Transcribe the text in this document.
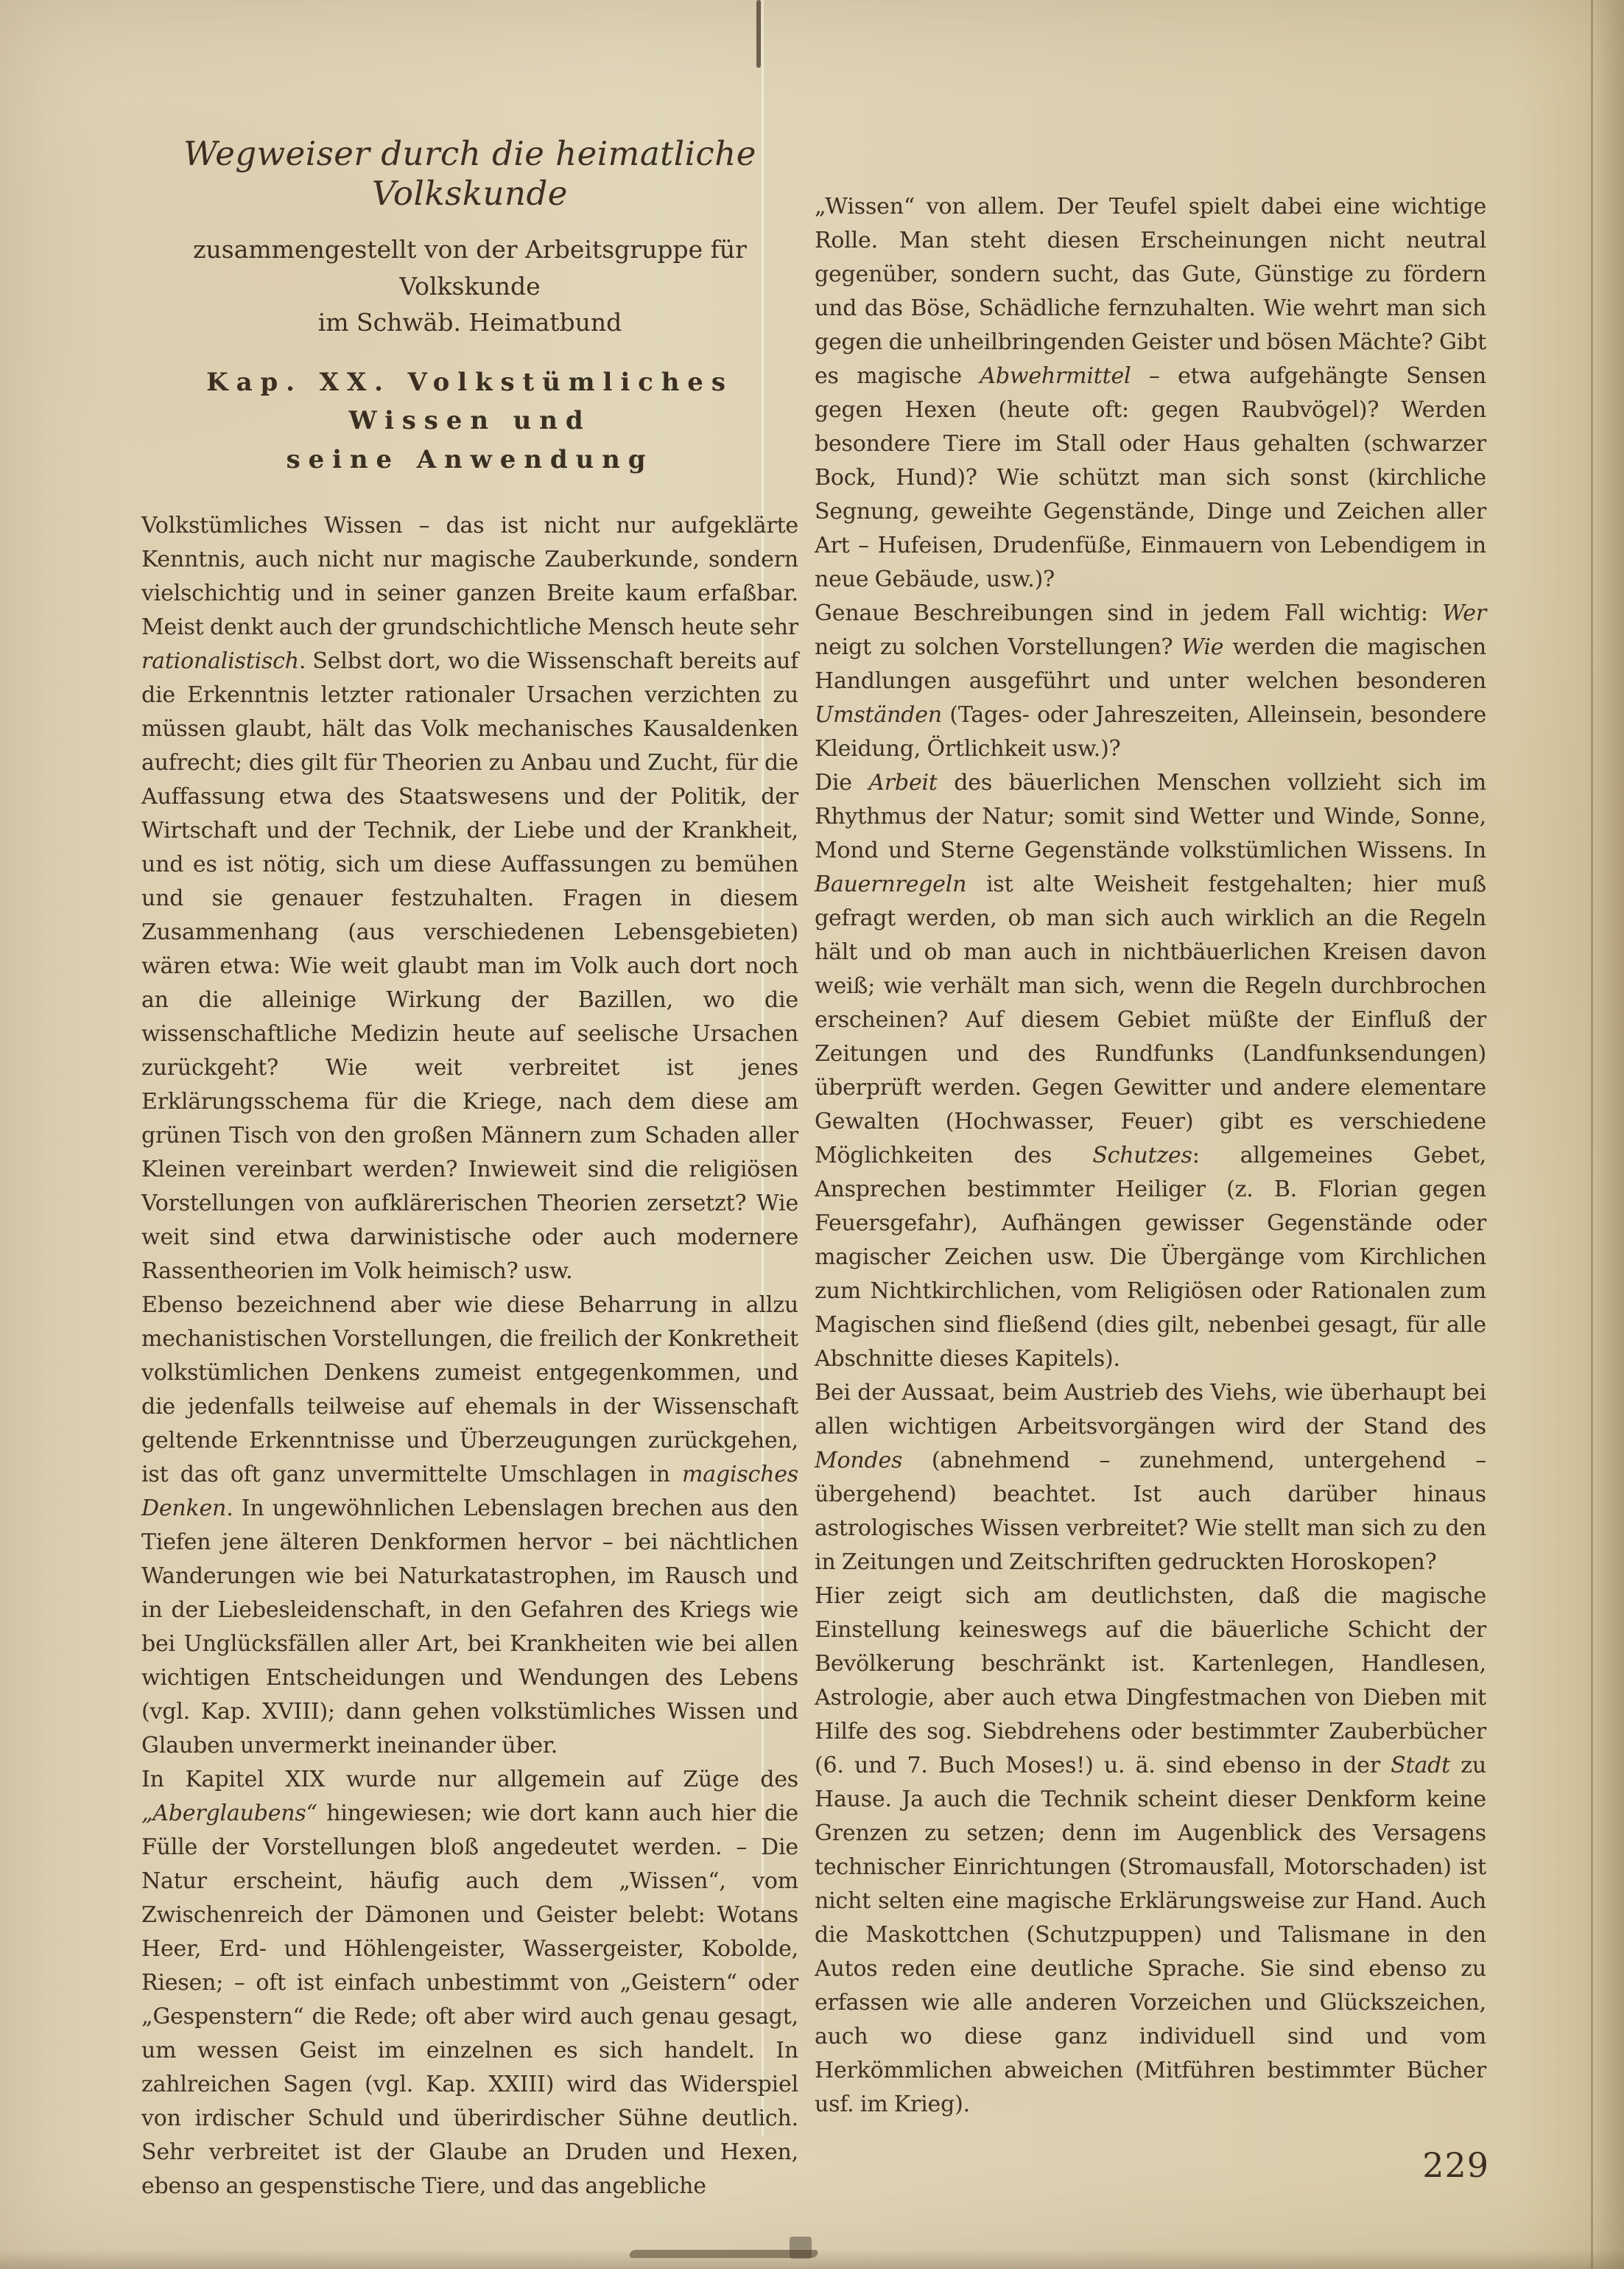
Wegweiser durch die heimatliche Volkskunde

zusammengestellt von der Arbeitsgruppe für Volkskunde
im Schwäb. Heimatbund

Kap. XX. Volkstümliches Wissen und
seine Anwendung

Volkstümliches Wissen – das ist nicht nur aufgeklärte Kenntnis, auch nicht nur magische Zauberkunde, sondern vielschichtig und in seiner ganzen Breite kaum erfaßbar. Meist denkt auch der grundschichtliche Mensch heute sehr rationalistisch. Selbst dort, wo die Wissenschaft bereits auf die Erkenntnis letzter rationaler Ursachen verzichten zu müssen glaubt, hält das Volk mechanisches Kausaldenken aufrecht; dies gilt für Theorien zu Anbau und Zucht, für die Auffassung etwa des Staatswesens und der Politik, der Wirtschaft und der Technik, der Liebe und der Krankheit, und es ist nötig, sich um diese Auffassungen zu bemühen und sie genauer festzuhalten. Fragen in diesem Zusammenhang (aus verschiedenen Lebensgebieten) wären etwa: Wie weit glaubt man im Volk auch dort noch an die alleinige Wirkung der Bazillen, wo die wissenschaftliche Medizin heute auf seelische Ursachen zurückgeht? Wie weit verbreitet ist jenes Erklärungsschema für die Kriege, nach dem diese am grünen Tisch von den großen Männern zum Schaden aller Kleinen vereinbart werden? Inwieweit sind die religiösen Vorstellungen von aufklärerischen Theorien zersetzt? Wie weit sind etwa darwinistische oder auch modernere Rassentheorien im Volk heimisch? usw.

Ebenso bezeichnend aber wie diese Beharrung in allzu mechanistischen Vorstellungen, die freilich der Konkretheit volkstümlichen Denkens zumeist entgegenkommen, und die jedenfalls teilweise auf ehemals in der Wissenschaft geltende Erkenntnisse und Überzeugungen zurückgehen, ist das oft ganz unvermittelte Umschlagen in magisches Denken. In ungewöhnlichen Lebenslagen brechen aus den Tiefen jene älteren Denkformen hervor – bei nächtlichen Wanderungen wie bei Naturkatastrophen, im Rausch und in der Liebesleidenschaft, in den Gefahren des Kriegs wie bei Unglücksfällen aller Art, bei Krankheiten wie bei allen wichtigen Entscheidungen und Wendungen des Lebens (vgl. Kap. XVIII); dann gehen volkstümliches Wissen und Glauben unvermerkt ineinander über.

In Kapitel XIX wurde nur allgemein auf Züge des „Aberglaubens“ hingewiesen; wie dort kann auch hier die Fülle der Vorstellungen bloß angedeutet werden. – Die Natur erscheint, häufig auch dem „Wissen“, vom Zwischenreich der Dämonen und Geister belebt: Wotans Heer, Erd- und Höhlengeister, Wassergeister, Kobolde, Riesen; – oft ist einfach unbestimmt von „Geistern“ oder „Gespenstern“ die Rede; oft aber wird auch genau gesagt, um wessen Geist im einzelnen es sich handelt. In zahlreichen Sagen (vgl. Kap. XXIII) wird das Widerspiel von irdischer Schuld und überirdischer Sühne deutlich. Sehr verbreitet ist der Glaube an Druden und Hexen, ebenso an gespenstische Tiere, und das angebliche

„Wissen“ von allem. Der Teufel spielt dabei eine wichtige Rolle. Man steht diesen Erscheinungen nicht neutral gegenüber, sondern sucht, das Gute, Günstige zu fördern und das Böse, Schädliche fernzuhalten. Wie wehrt man sich gegen die unheilbringenden Geister und bösen Mächte? Gibt es magische Abwehrmittel – etwa aufgehängte Sensen gegen Hexen (heute oft: gegen Raubvögel)? Werden besondere Tiere im Stall oder Haus gehalten (schwarzer Bock, Hund)? Wie schützt man sich sonst (kirchliche Segnung, geweihte Gegenstände, Dinge und Zeichen aller Art – Hufeisen, Drudenfüße, Einmauern von Lebendigem in neue Gebäude, usw.)?

Genaue Beschreibungen sind in jedem Fall wichtig: Wer neigt zu solchen Vorstellungen? Wie werden die magischen Handlungen ausgeführt und unter welchen besonderen Umständen (Tages- oder Jahreszeiten, Alleinsein, besondere Kleidung, Örtlichkeit usw.)?

Die Arbeit des bäuerlichen Menschen vollzieht sich im Rhythmus der Natur; somit sind Wetter und Winde, Sonne, Mond und Sterne Gegenstände volkstümlichen Wissens. In Bauernregeln ist alte Weisheit festgehalten; hier muß gefragt werden, ob man sich auch wirklich an die Regeln hält und ob man auch in nichtbäuerlichen Kreisen davon weiß; wie verhält man sich, wenn die Regeln durchbrochen erscheinen? Auf diesem Gebiet müßte der Einfluß der Zeitungen und des Rundfunks (Landfunksendungen) überprüft werden. Gegen Gewitter und andere elementare Gewalten (Hochwasser, Feuer) gibt es verschiedene Möglichkeiten des Schutzes: allgemeines Gebet, Ansprechen bestimmter Heiliger (z. B. Florian gegen Feuersgefahr), Aufhängen gewisser Gegenstände oder magischer Zeichen usw. Die Übergänge vom Kirchlichen zum Nichtkirchlichen, vom Religiösen oder Rationalen zum Magischen sind fließend (dies gilt, nebenbei gesagt, für alle Abschnitte dieses Kapitels).

Bei der Aussaat, beim Austrieb des Viehs, wie überhaupt bei allen wichtigen Arbeitsvorgängen wird der Stand des Mondes (abnehmend – zunehmend, untergehend – übergehend) beachtet. Ist auch darüber hinaus astrologisches Wissen verbreitet? Wie stellt man sich zu den in Zeitungen und Zeitschriften gedruckten Horoskopen?

Hier zeigt sich am deutlichsten, daß die magische Einstellung keineswegs auf die bäuerliche Schicht der Bevölkerung beschränkt ist. Kartenlegen, Handlesen, Astrologie, aber auch etwa Dingfestmachen von Dieben mit Hilfe des sog. Siebdrehens oder bestimmter Zauberbücher (6. und 7. Buch Moses!) u. ä. sind ebenso in der Stadt zu Hause. Ja auch die Technik scheint dieser Denkform keine Grenzen zu setzen; denn im Augenblick des Versagens technischer Einrichtungen (Stromausfall, Motorschaden) ist nicht selten eine magische Erklärungsweise zur Hand. Auch die Maskottchen (Schutzpuppen) und Talismane in den Autos reden eine deutliche Sprache. Sie sind ebenso zu erfassen wie alle anderen Vorzeichen und Glückszeichen, auch wo diese ganz individuell sind und vom Herkömmlichen abweichen (Mitführen bestimmter Bücher usf. im Krieg).

229
